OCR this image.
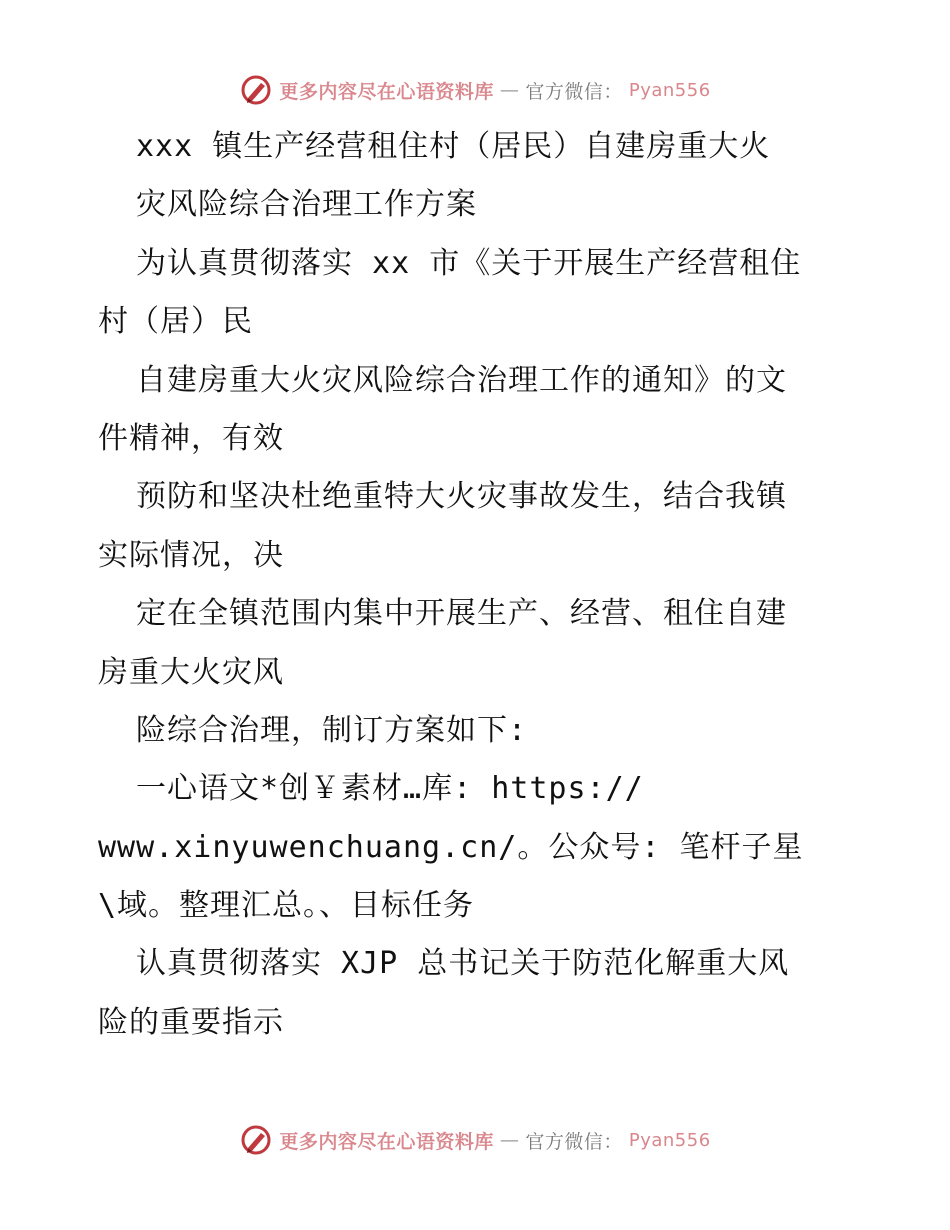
更多内容尽在心语资料库 — 官方微信： Pyan556
xxx 镇生产经营租住村（居民）自建房重大火
灾风险综合治理工作方案
为认真贯彻落实 xx 市《关于开展生产经营租住
村（居）民
自建房重大火灾风险综合治理工作的通知》的文
件精神，有效
预防和坚决杜绝重特大火灾事故发生，结合我镇
实际情况，决
定在全镇范围内集中开展生产、经营、租住自建
房重大火灾风
险综合治理，制订方案如下:
一心语文*创￥素材…库: https://
www.xinyuwenchuang.cn/。公众号: 笔杆子星
\域。整理汇总。、目标任务
认真贯彻落实 XJP 总书记关于防范化解重大风
险的重要指示
更多内容尽在心语资料库 — 官方微信： Pyan556
